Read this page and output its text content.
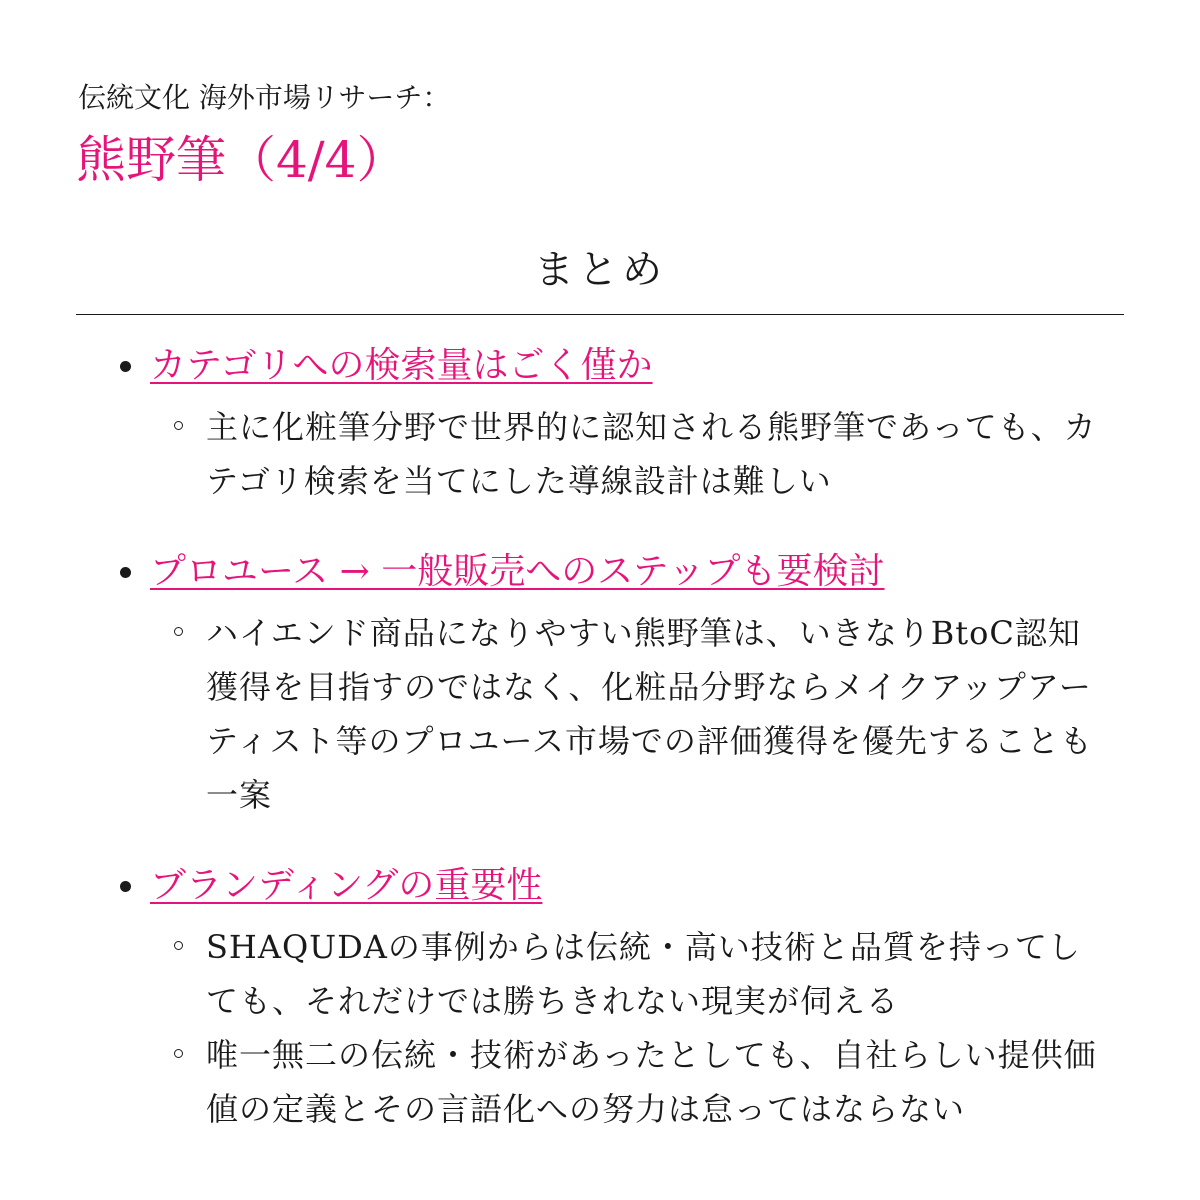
伝統文化 海外市場リサーチ：
熊野筆（4/4）
まとめ
カテゴリへの検索量はごく僅か
主に化粧筆分野で世界的に認知される熊野筆であっても、カテゴリ検索を当てにした導線設計は難しい
プロユース → 一般販売へのステップも要検討
ハイエンド商品になりやすい熊野筆は、いきなりBtoC認知獲得を目指すのではなく、化粧品分野ならメイクアップアーティスト等のプロユース市場での評価獲得を優先することも一案
ブランディングの重要性
SHAQUDAの事例からは伝統・高い技術と品質を持ってしても、それだけでは勝ちきれない現実が伺える
唯一無二の伝統・技術があったとしても、自社らしい提供価値の定義とその言語化への努力は怠ってはならない
